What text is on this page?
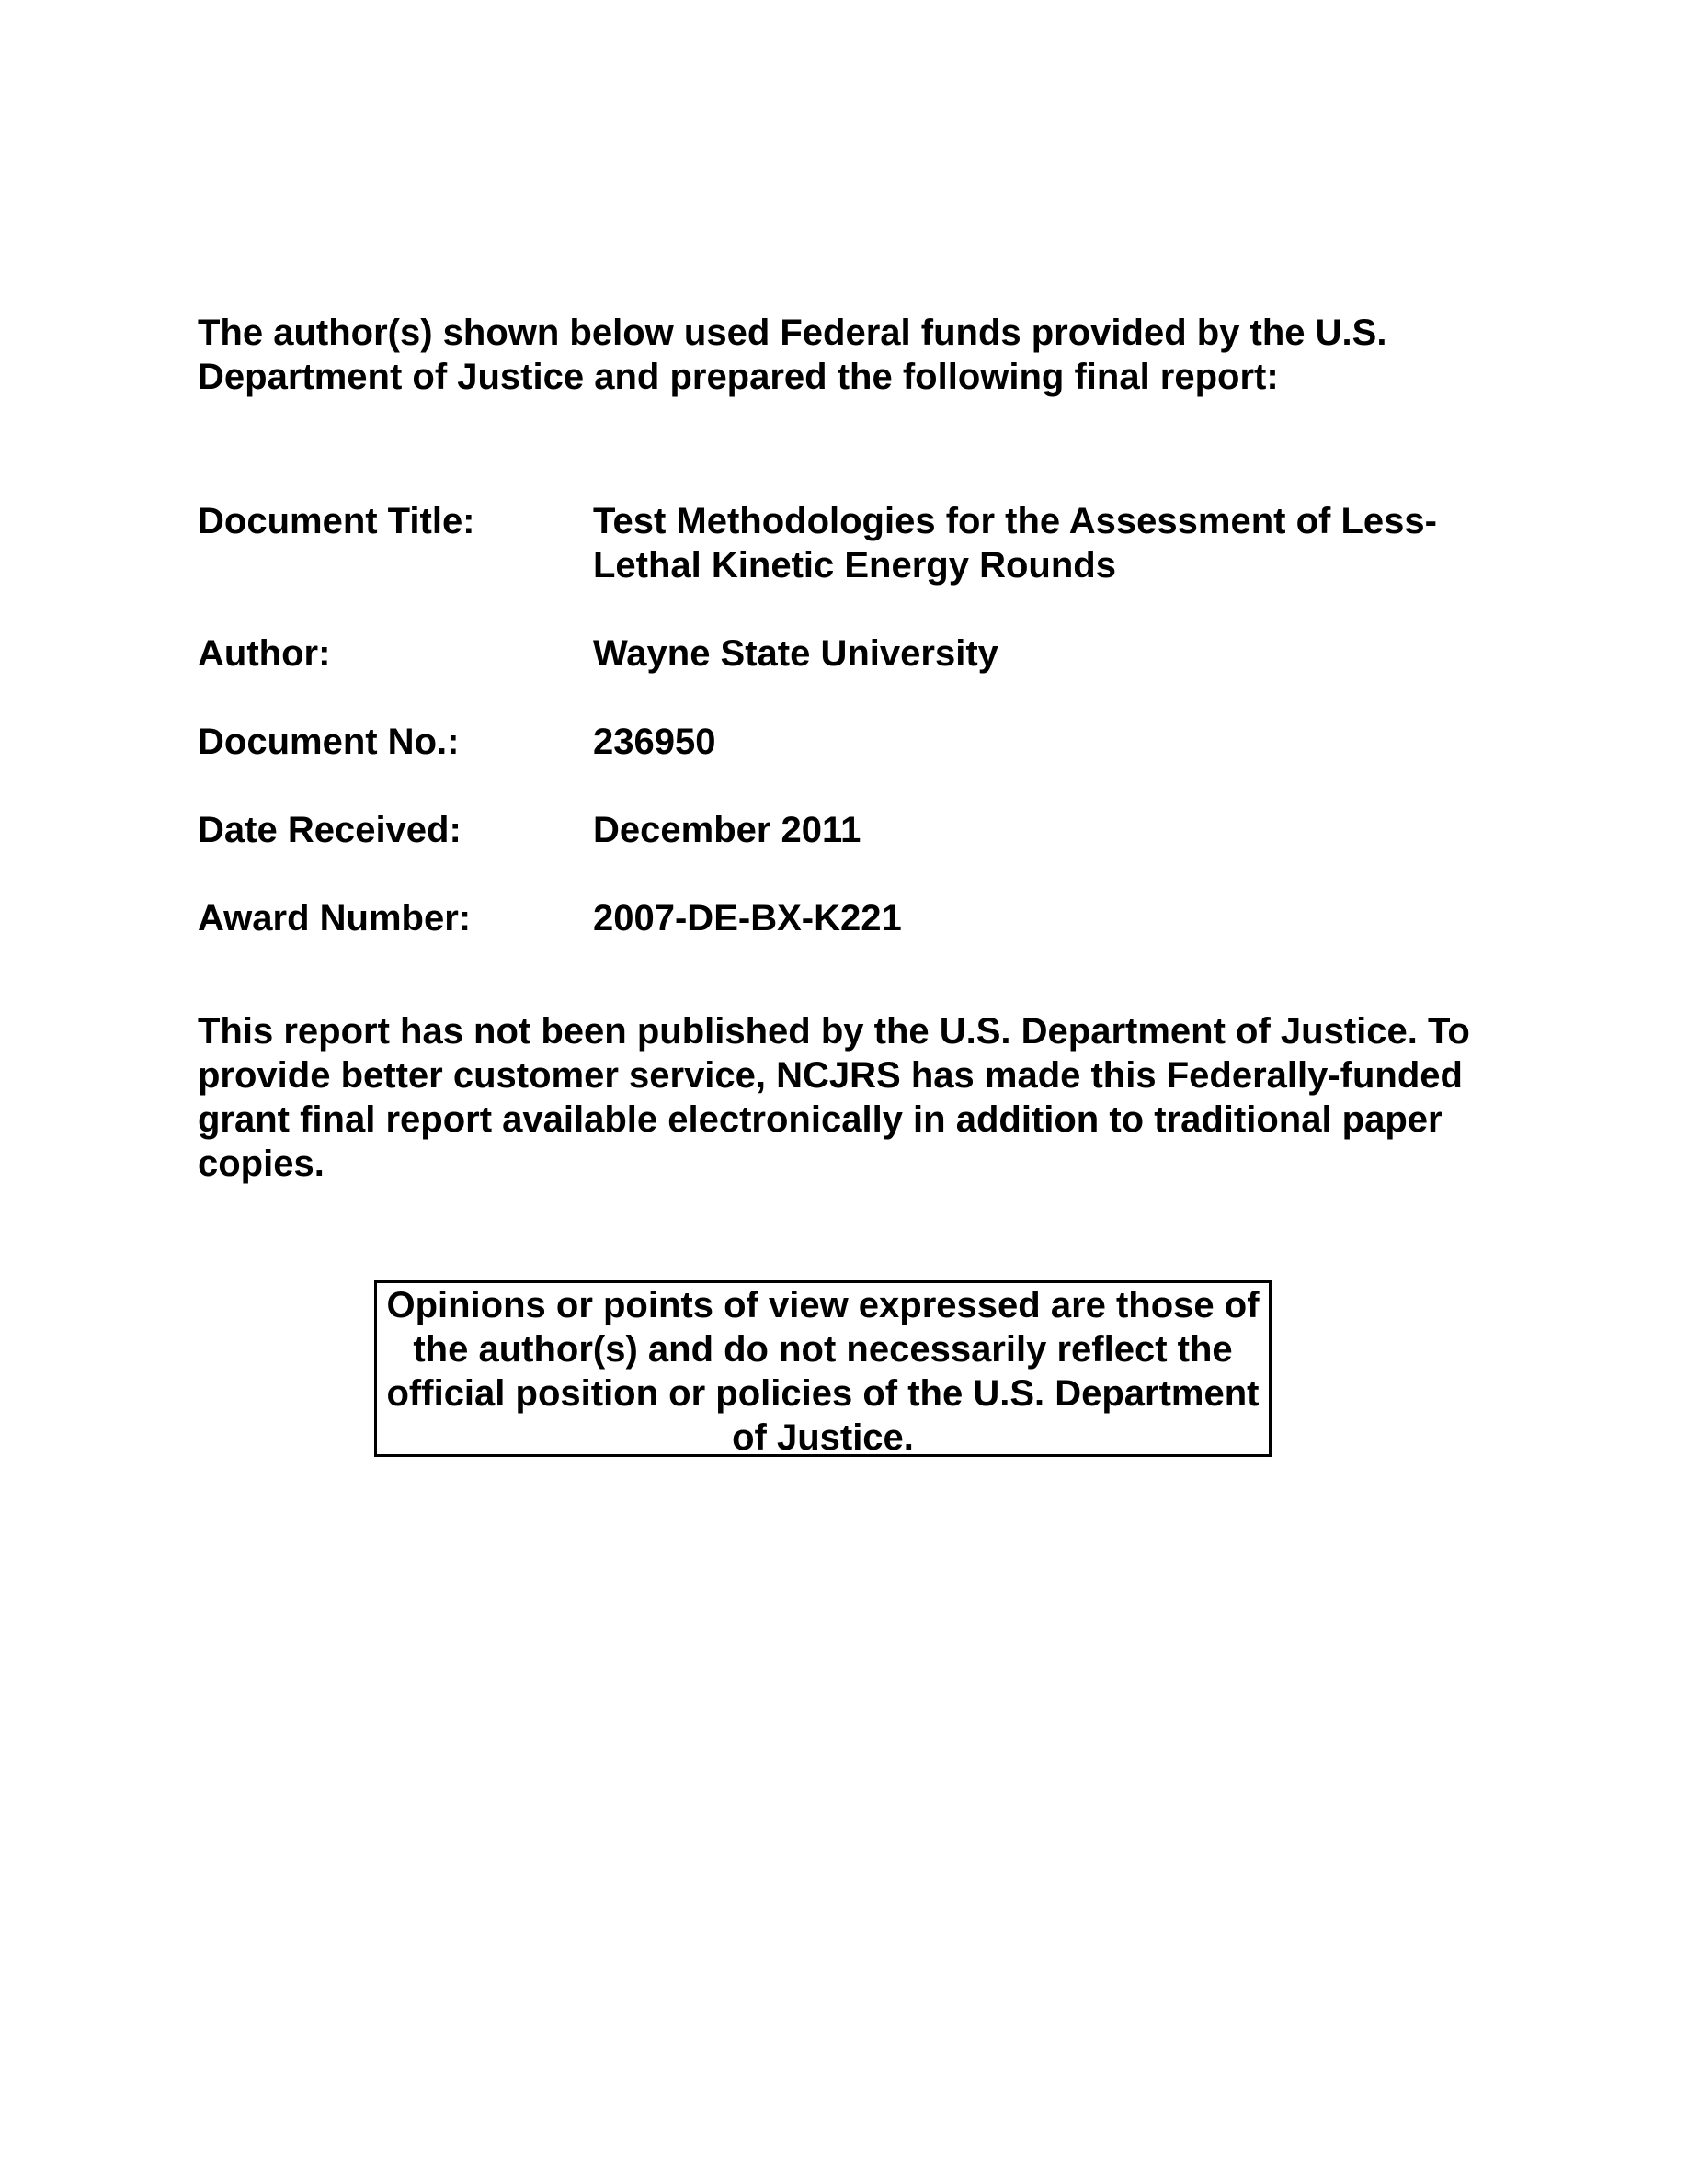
The author(s) shown below used Federal funds provided by the U.S. Department of Justice and prepared the following final report:

Document Title:	Test Methodologies for the Assessment of Less-Lethal Kinetic Energy Rounds
Author:	Wayne State University
Document No.:	236950
Date Received:	December 2011
Award Number:	2007-DE-BX-K221

This report has not been published by the U.S. Department of Justice. To provide better customer service, NCJRS has made this Federally-funded grant final report available electronically in addition to traditional paper copies.

Opinions or points of view expressed are those of the author(s) and do not necessarily reflect the official position or policies of the U.S. Department of Justice.
